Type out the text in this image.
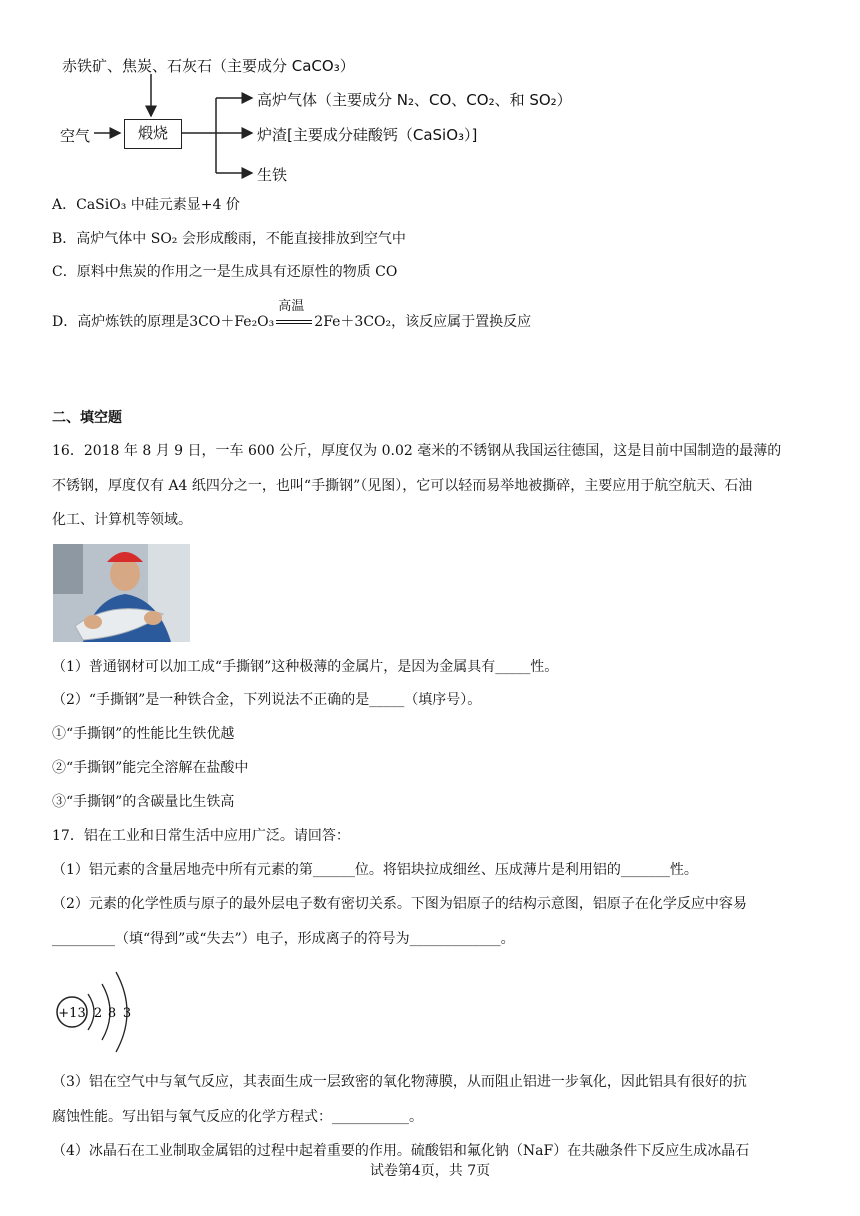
赤铁矿、焦炭、石灰石（主要成分 CaCO₃）
空气	煅烧
高炉气体（主要成分 N₂、CO、CO₂、和 SO₂）
炉渣[主要成分硅酸钙（CaSiO₃）]
生铁
A．CaSiO₃ 中硅元素显+4 价
B．高炉气体中 SO₂ 会形成酸雨，不能直接排放到空气中
C．原料中焦炭的作用之一是生成具有还原性的物质 CO
D．高炉炼铁的原理是3CO＋Fe₂O₃
高温
2Fe＋3CO₂，该反应属于置换反应
二、填空题
16．2018 年 8 月 9 日，一车 600 公斤，厚度仅为 0.02 毫米的不锈钢从我国运往德国，这是目前中国制造的最薄的
不锈钢，厚度仅有 A4 纸四分之一，也叫“手撕钢”（见图），它可以轻而易举地被撕碎，主要应用于航空航天、石油
化工、计算机等领域。
（1）普通钢材可以加工成“手撕钢”这种极薄的金属片，是因为金属具有_____性。
（2）“手撕钢”是一种铁合金，下列说法不正确的是_____（填序号）。
①“手撕钢”的性能比生铁优越
②“手撕钢”能完全溶解在盐酸中
③“手撕钢”的含碳量比生铁高
17．铝在工业和日常生活中应用广泛。请回答：
（1）铝元素的含量居地壳中所有元素的第______位。将铝块拉成细丝、压成薄片是利用铝的_______性。
（2）元素的化学性质与原子的最外层电子数有密切关系。下图为铝原子的结构示意图，铝原子在化学反应中容易
_________（填“得到”或“失去”）电子，形成离子的符号为_____________。
+13 2 8 3
（3）铝在空气中与氧气反应，其表面生成一层致密的氧化物薄膜，从而阻止铝进一步氧化，因此铝具有很好的抗
腐蚀性能。写出铝与氧气反应的化学方程式：___________。
（4）冰晶石在工业制取金属铝的过程中起着重要的作用。硫酸铝和氟化钠（NaF）在共融条件下反应生成冰晶石
试卷第4页，共 7页
